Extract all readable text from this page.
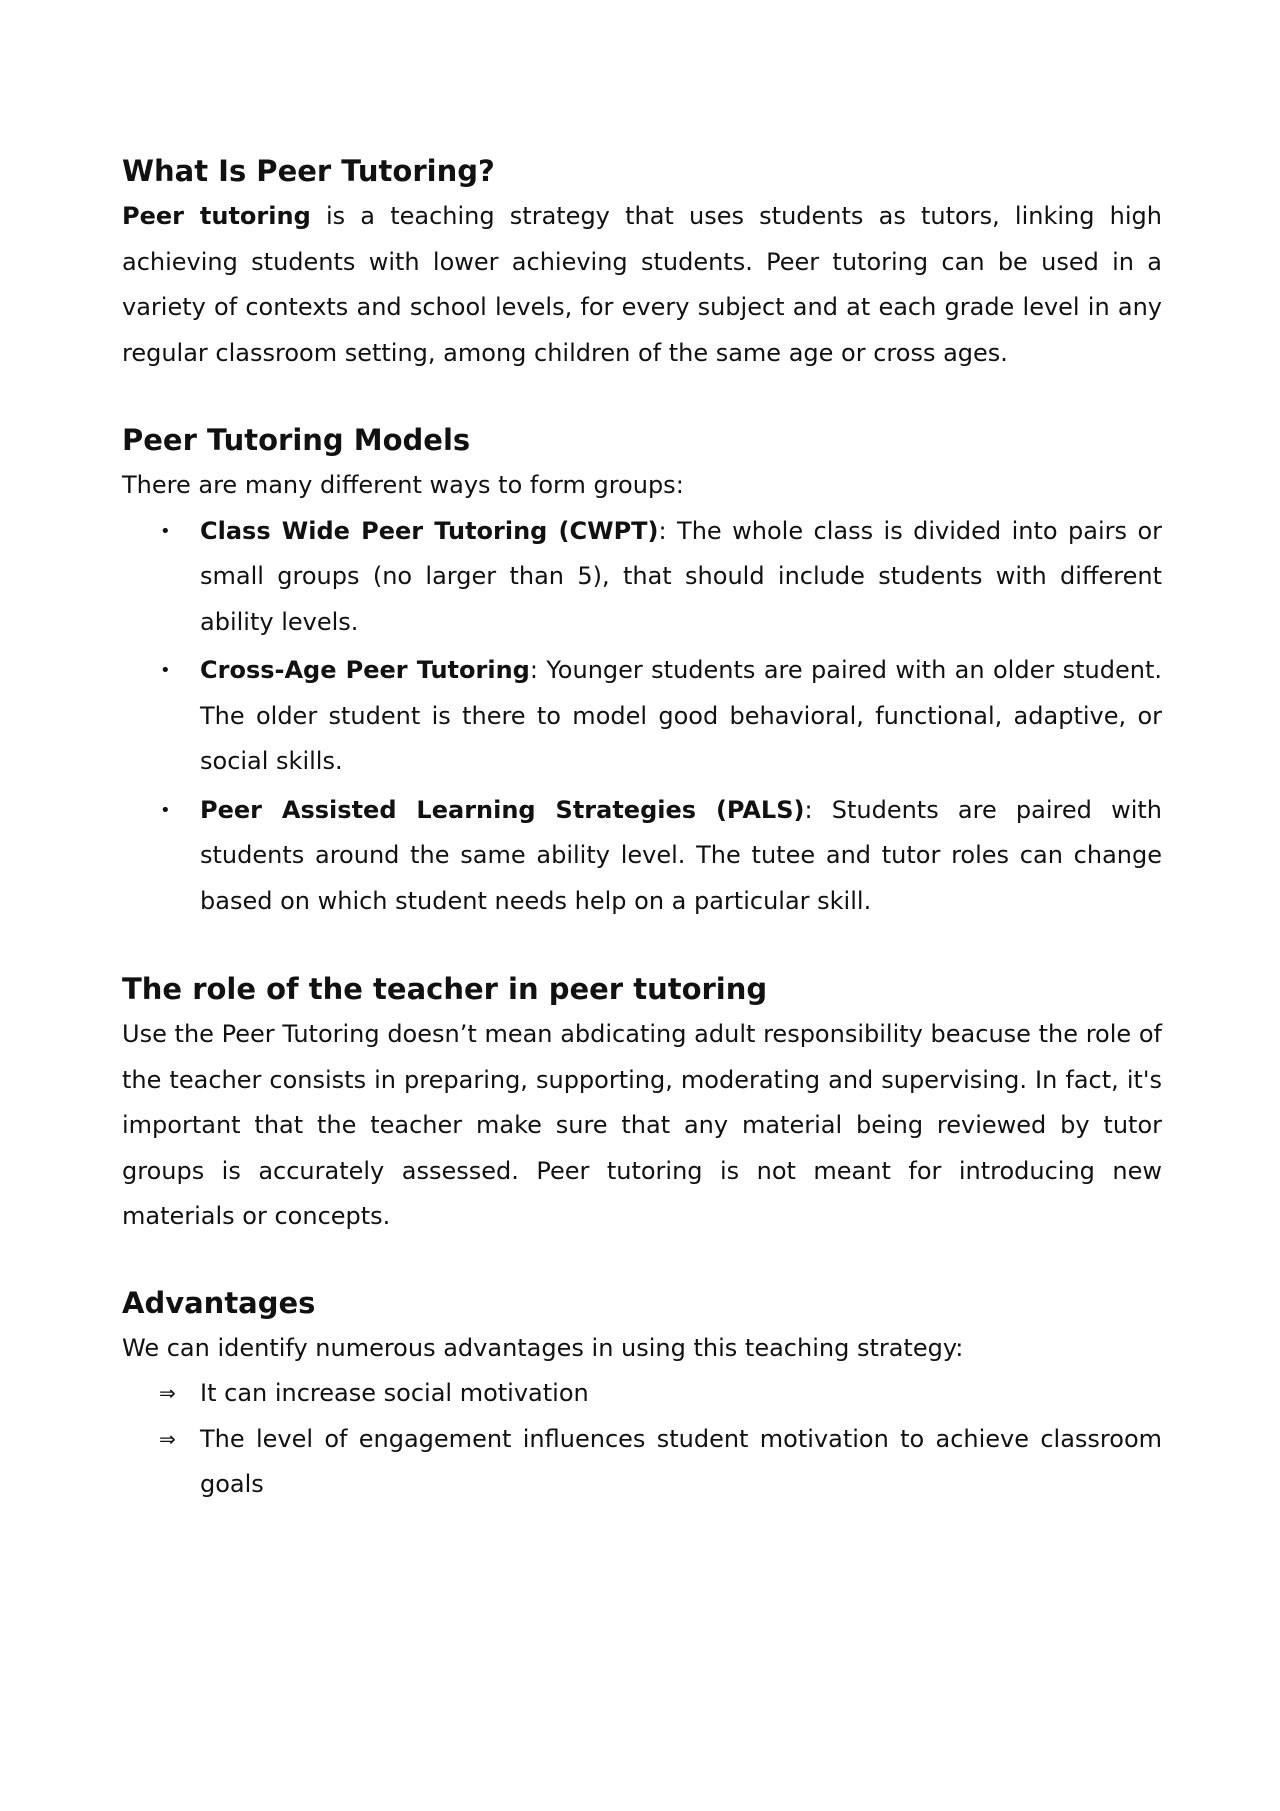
What Is Peer Tutoring?

Peer tutoring is a teaching strategy that uses students as tutors, linking high achieving students with lower achieving students. Peer tutoring can be used in a variety of contexts and school levels, for every subject and at each grade level in any regular classroom setting, among children of the same age or cross ages.

Peer Tutoring Models

There are many different ways to form groups:

•	Class Wide Peer Tutoring (CWPT): The whole class is divided into pairs or small groups (no larger than 5), that should include students with different ability levels.
•	Cross-Age Peer Tutoring: Younger students are paired with an older student. The older student is there to model good behavioral, functional, adaptive, or social skills.
•	Peer Assisted Learning Strategies (PALS): Students are paired with students around the same ability level. The tutee and tutor roles can change based on which student needs help on a particular skill.
The role of the teacher in peer tutoring

Use the Peer Tutoring doesn’t mean abdicating adult responsibility beacuse the role of the teacher consists in preparing, supporting, moderating and supervising. In fact, it's important that the teacher make sure that any material being reviewed by tutor groups is accurately assessed. Peer tutoring is not meant for introducing new materials or concepts.

Advantages

We can identify numerous advantages in using this teaching strategy:

⇒	It can increase social motivation
⇒	The level of engagement influences student motivation to achieve classroom goals
